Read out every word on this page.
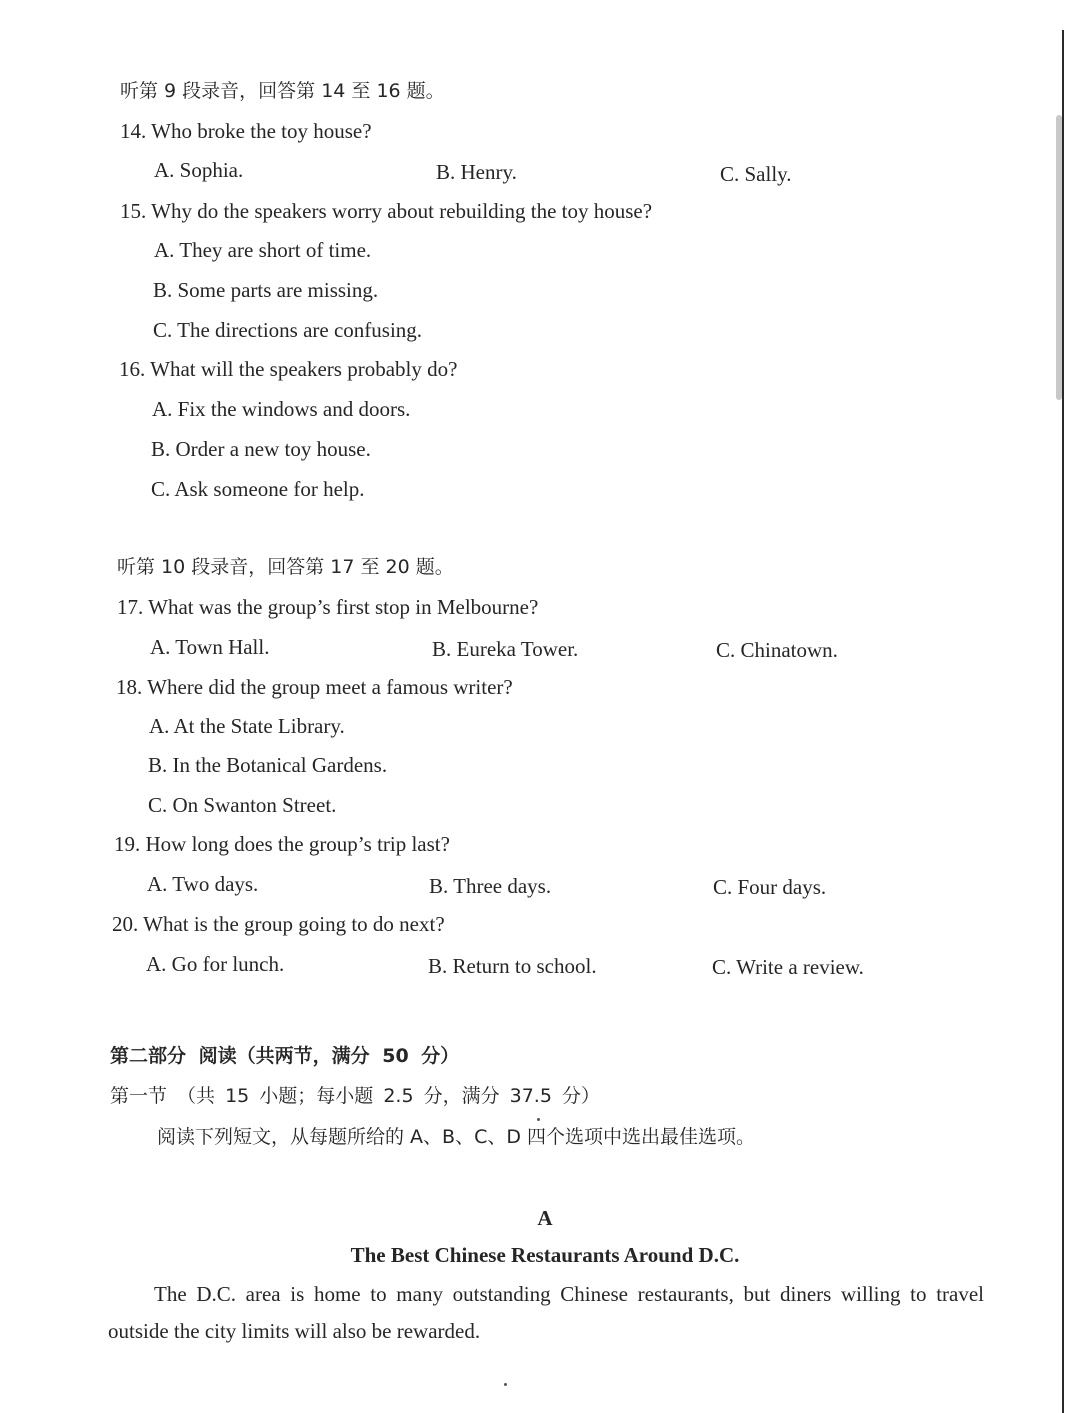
听第 9 段录音，回答第 14 至 16 题。
14. Who broke the toy house?
A. Sophia.	B. Henry.	C. Sally.
15. Why do the speakers worry about rebuilding the toy house?
A. They are short of time.
B. Some parts are missing.
C. The directions are confusing.
16. What will the speakers probably do?
A. Fix the windows and doors.
B. Order a new toy house.
C. Ask someone for help.
听第 10 段录音，回答第 17 至 20 题。
17. What was the group’s first stop in Melbourne?
A. Town Hall.	B. Eureka Tower.	C. Chinatown.
18. Where did the group meet a famous writer?
A. At the State Library.
B. In the Botanical Gardens.
C. On Swanton Street.
19. How long does the group’s trip last?
A. Two days.	B. Three days.	C. Four days.
20. What is the group going to do next?
A. Go for lunch.	B. Return to school.	C. Write a review.
第二部分 阅读（共两节，满分 50 分）
第一节 （共 15 小题；每小题 2.5 分，满分 37.5 分）
阅读下列短文，从每题所给的 A、B、C、D 四个选项中选出最佳选项。
A
The Best Chinese Restaurants Around D.C.
The D.C. area is home to many outstanding Chinese restaurants, but diners willing to travel outside the city limits will also be rewarded.
